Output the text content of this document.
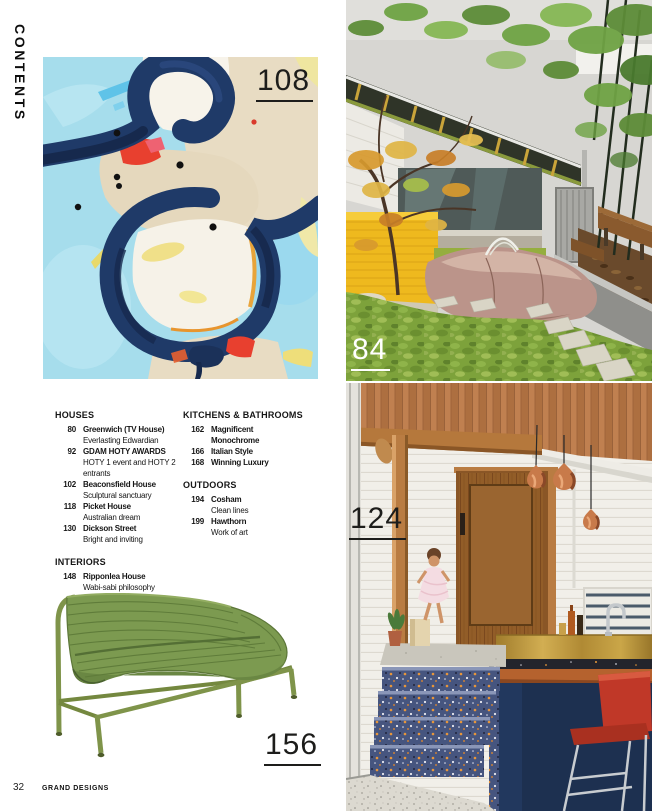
CONTENTS	108
84
124
156
HOUSES
80 Greenwich (TV House)
Everlasting Edwardian
92 GDAM HOTY AWARDS
HOTY 1 event and HOTY 2 entrants
102 Beaconsfield House
Sculptural sanctuary
118 Picket House
Australian dream
130 Dickson Street
Bright and inviting
INTERIORS
148 Ripponlea House
Wabi-sabi philosophy
KITCHENS & BATHROOMS
162 Magnificent Monochrome
166 Italian Style
168 Winning Luxury
OUTDOORS
194 Cosham
Clean lines
199 Hawthorn
Work of art
32	GRAND DESIGNS
